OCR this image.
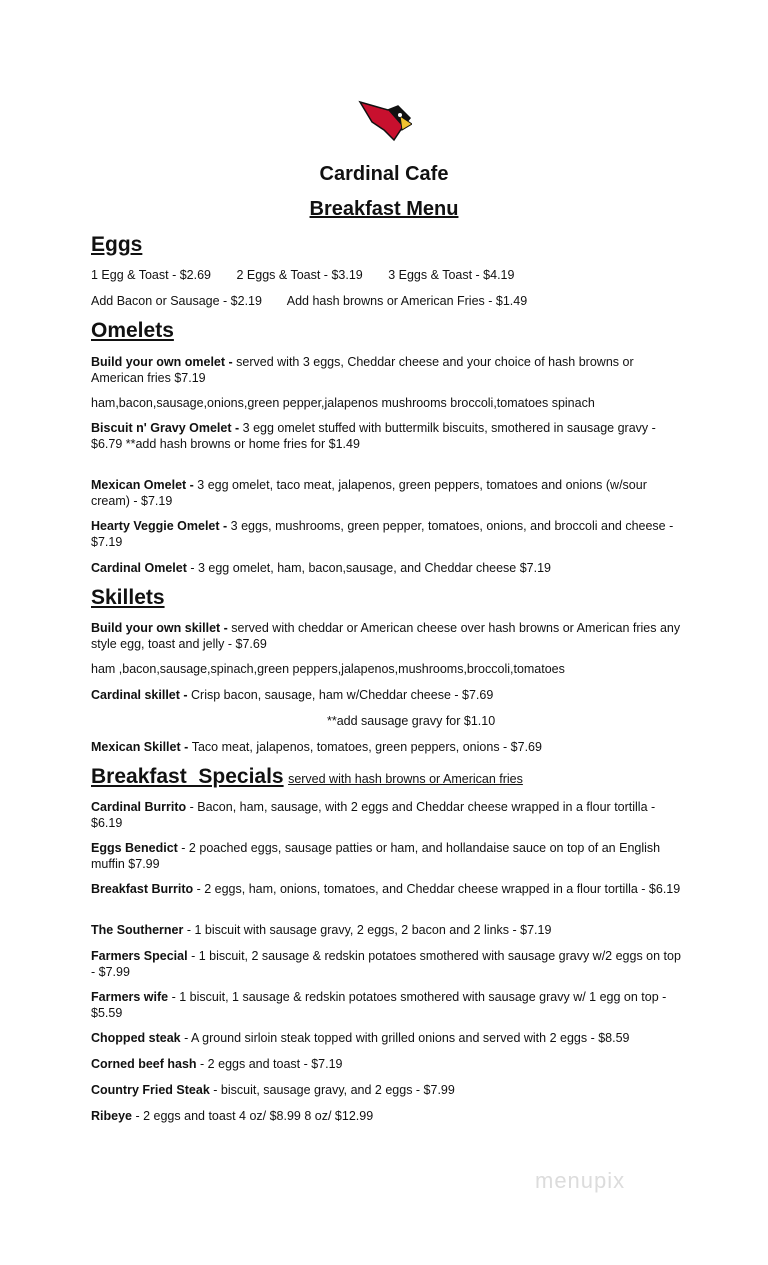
Cardinal Cafe
Breakfast Menu
Eggs
1 Egg & Toast - $2.69 2 Eggs & Toast - $3.19 3 Eggs & Toast - $4.19
Add Bacon or Sausage - $2.19 Add hash browns or American Fries - $1.49
Omelets
Build your own omelet - served with 3 eggs, Cheddar cheese and your choice of hash browns or American fries $7.19
ham,bacon,sausage,onions,green pepper,jalapenos mushrooms broccoli,tomatoes spinach
Biscuit n' Gravy Omelet - 3 egg omelet stuffed with buttermilk biscuits, smothered in sausage gravy - $6.79 **add hash browns or home fries for $1.49
Mexican Omelet - 3 egg omelet, taco meat, jalapenos, green peppers, tomatoes and onions (w/sour cream) - $7.19
Hearty Veggie Omelet - 3 eggs, mushrooms, green pepper, tomatoes, onions, and broccoli and cheese - $7.19
Cardinal Omelet - 3 egg omelet, ham, bacon,sausage, and Cheddar cheese $7.19
Skillets
Build your own skillet - served with cheddar or American cheese over hash browns or American fries any style egg, toast and jelly - $7.69
ham ,bacon,sausage,spinach,green peppers,jalapenos,mushrooms,broccoli,tomatoes
Cardinal skillet - Crisp bacon, sausage, ham w/Cheddar cheese - $7.69
**add sausage gravy for $1.10
Mexican Skillet - Taco meat, jalapenos, tomatoes, green peppers, onions - $7.69
Breakfast  Specials served with hash browns or American fries
Cardinal Burrito - Bacon, ham, sausage, with 2 eggs and Cheddar cheese wrapped in a flour tortilla - $6.19
Eggs Benedict - 2 poached eggs, sausage patties or ham, and hollandaise sauce on top of an English muffin $7.99
Breakfast Burrito - 2 eggs, ham, onions, tomatoes, and Cheddar cheese wrapped in a flour tortilla - $6.19
The Southerner - 1 biscuit with sausage gravy, 2 eggs, 2 bacon and 2 links - $7.19
Farmers Special - 1 biscuit, 2 sausage & redskin potatoes smothered with sausage gravy w/2 eggs on top - $7.99
Farmers wife - 1 biscuit, 1 sausage & redskin potatoes smothered with sausage gravy w/ 1 egg on top - $5.59
Chopped steak - A ground sirloin steak topped with grilled onions and served with 2 eggs - $8.59
Corned beef hash - 2 eggs and toast - $7.19
Country Fried Steak - biscuit, sausage gravy, and 2 eggs - $7.99
Ribeye - 2 eggs and toast 4 oz/ $8.99 8 oz/ $12.99
menupix
